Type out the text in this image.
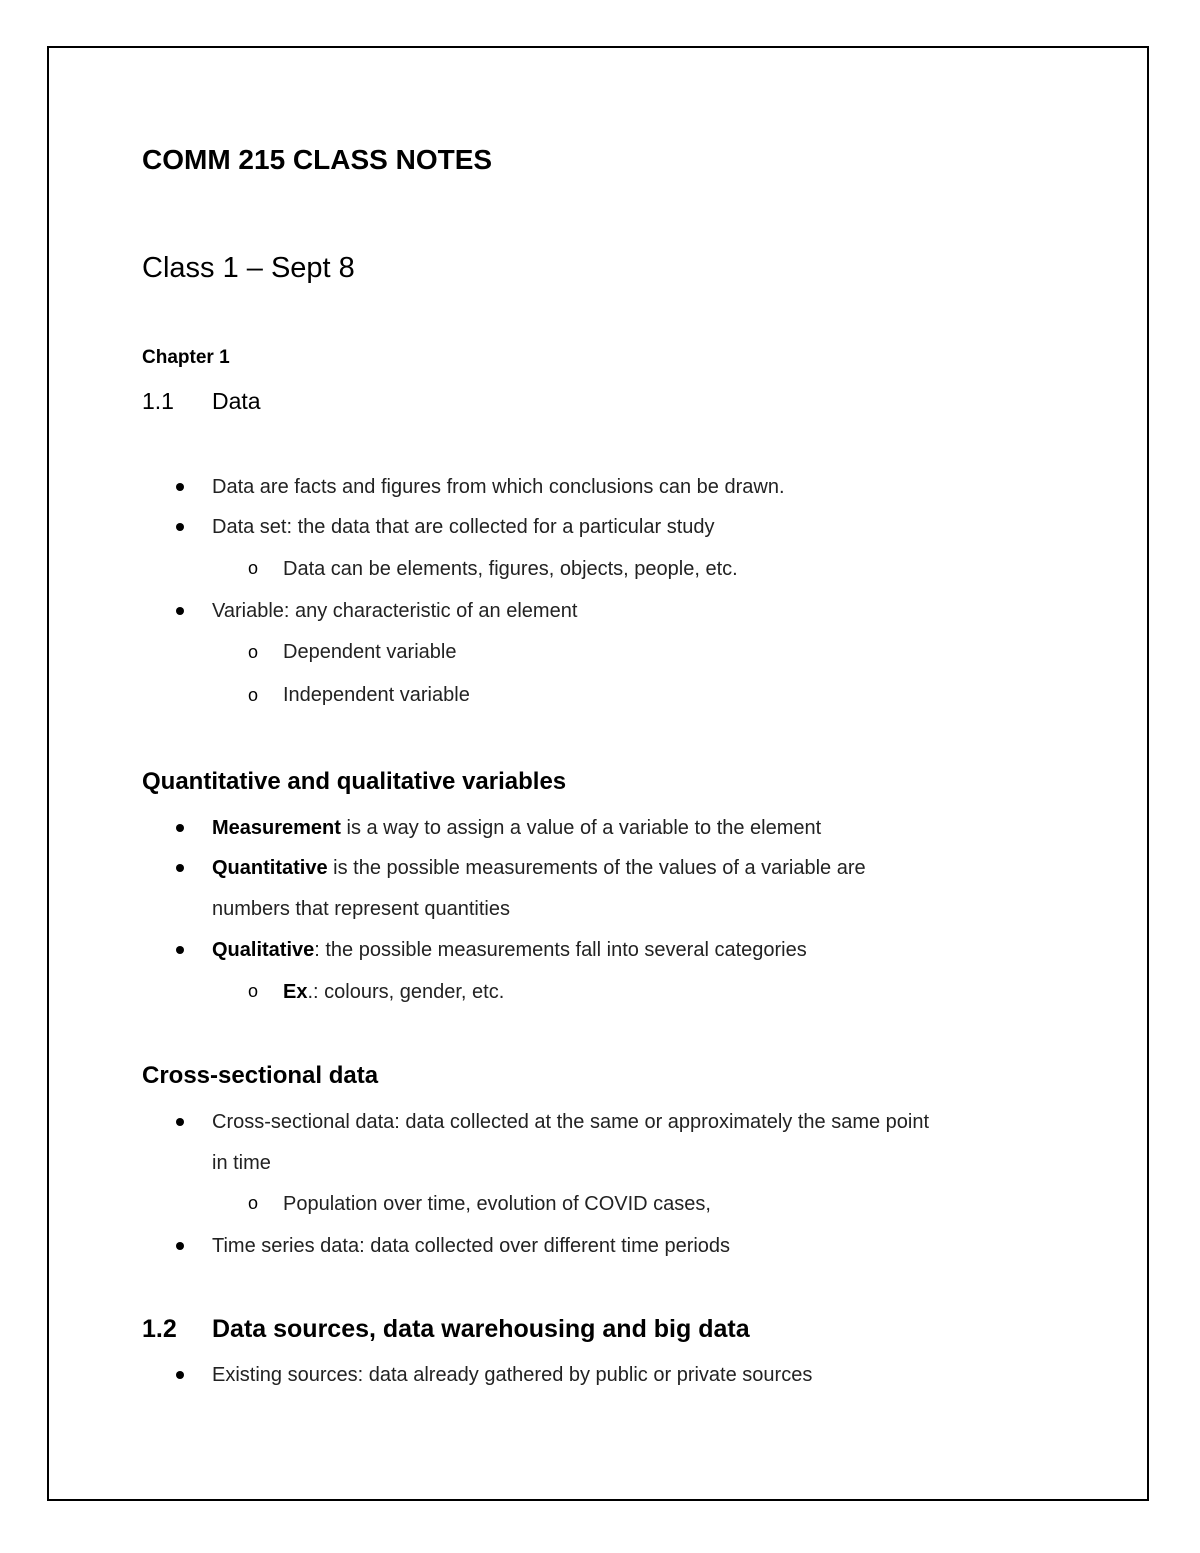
COMM 215 CLASS NOTES
Class 1 – Sept 8
Chapter 1
1.1 Data
Data are facts and figures from which conclusions can be drawn.
Data set: the data that are collected for a particular study
o Data can be elements, figures, objects, people, etc.
Variable: any characteristic of an element
o Dependent variable
o Independent variable
Quantitative and qualitative variables
Measurement is a way to assign a value of a variable to the element
Quantitative is the possible measurements of the values of a variable are
numbers that represent quantities
Qualitative: the possible measurements fall into several categories
o Ex.: colours, gender, etc.
Cross-sectional data
Cross-sectional data: data collected at the same or approximately the same point
in time
o Population over time, evolution of COVID cases,
Time series data: data collected over different time periods
1.2 Data sources, data warehousing and big data
Existing sources: data already gathered by public or private sources
